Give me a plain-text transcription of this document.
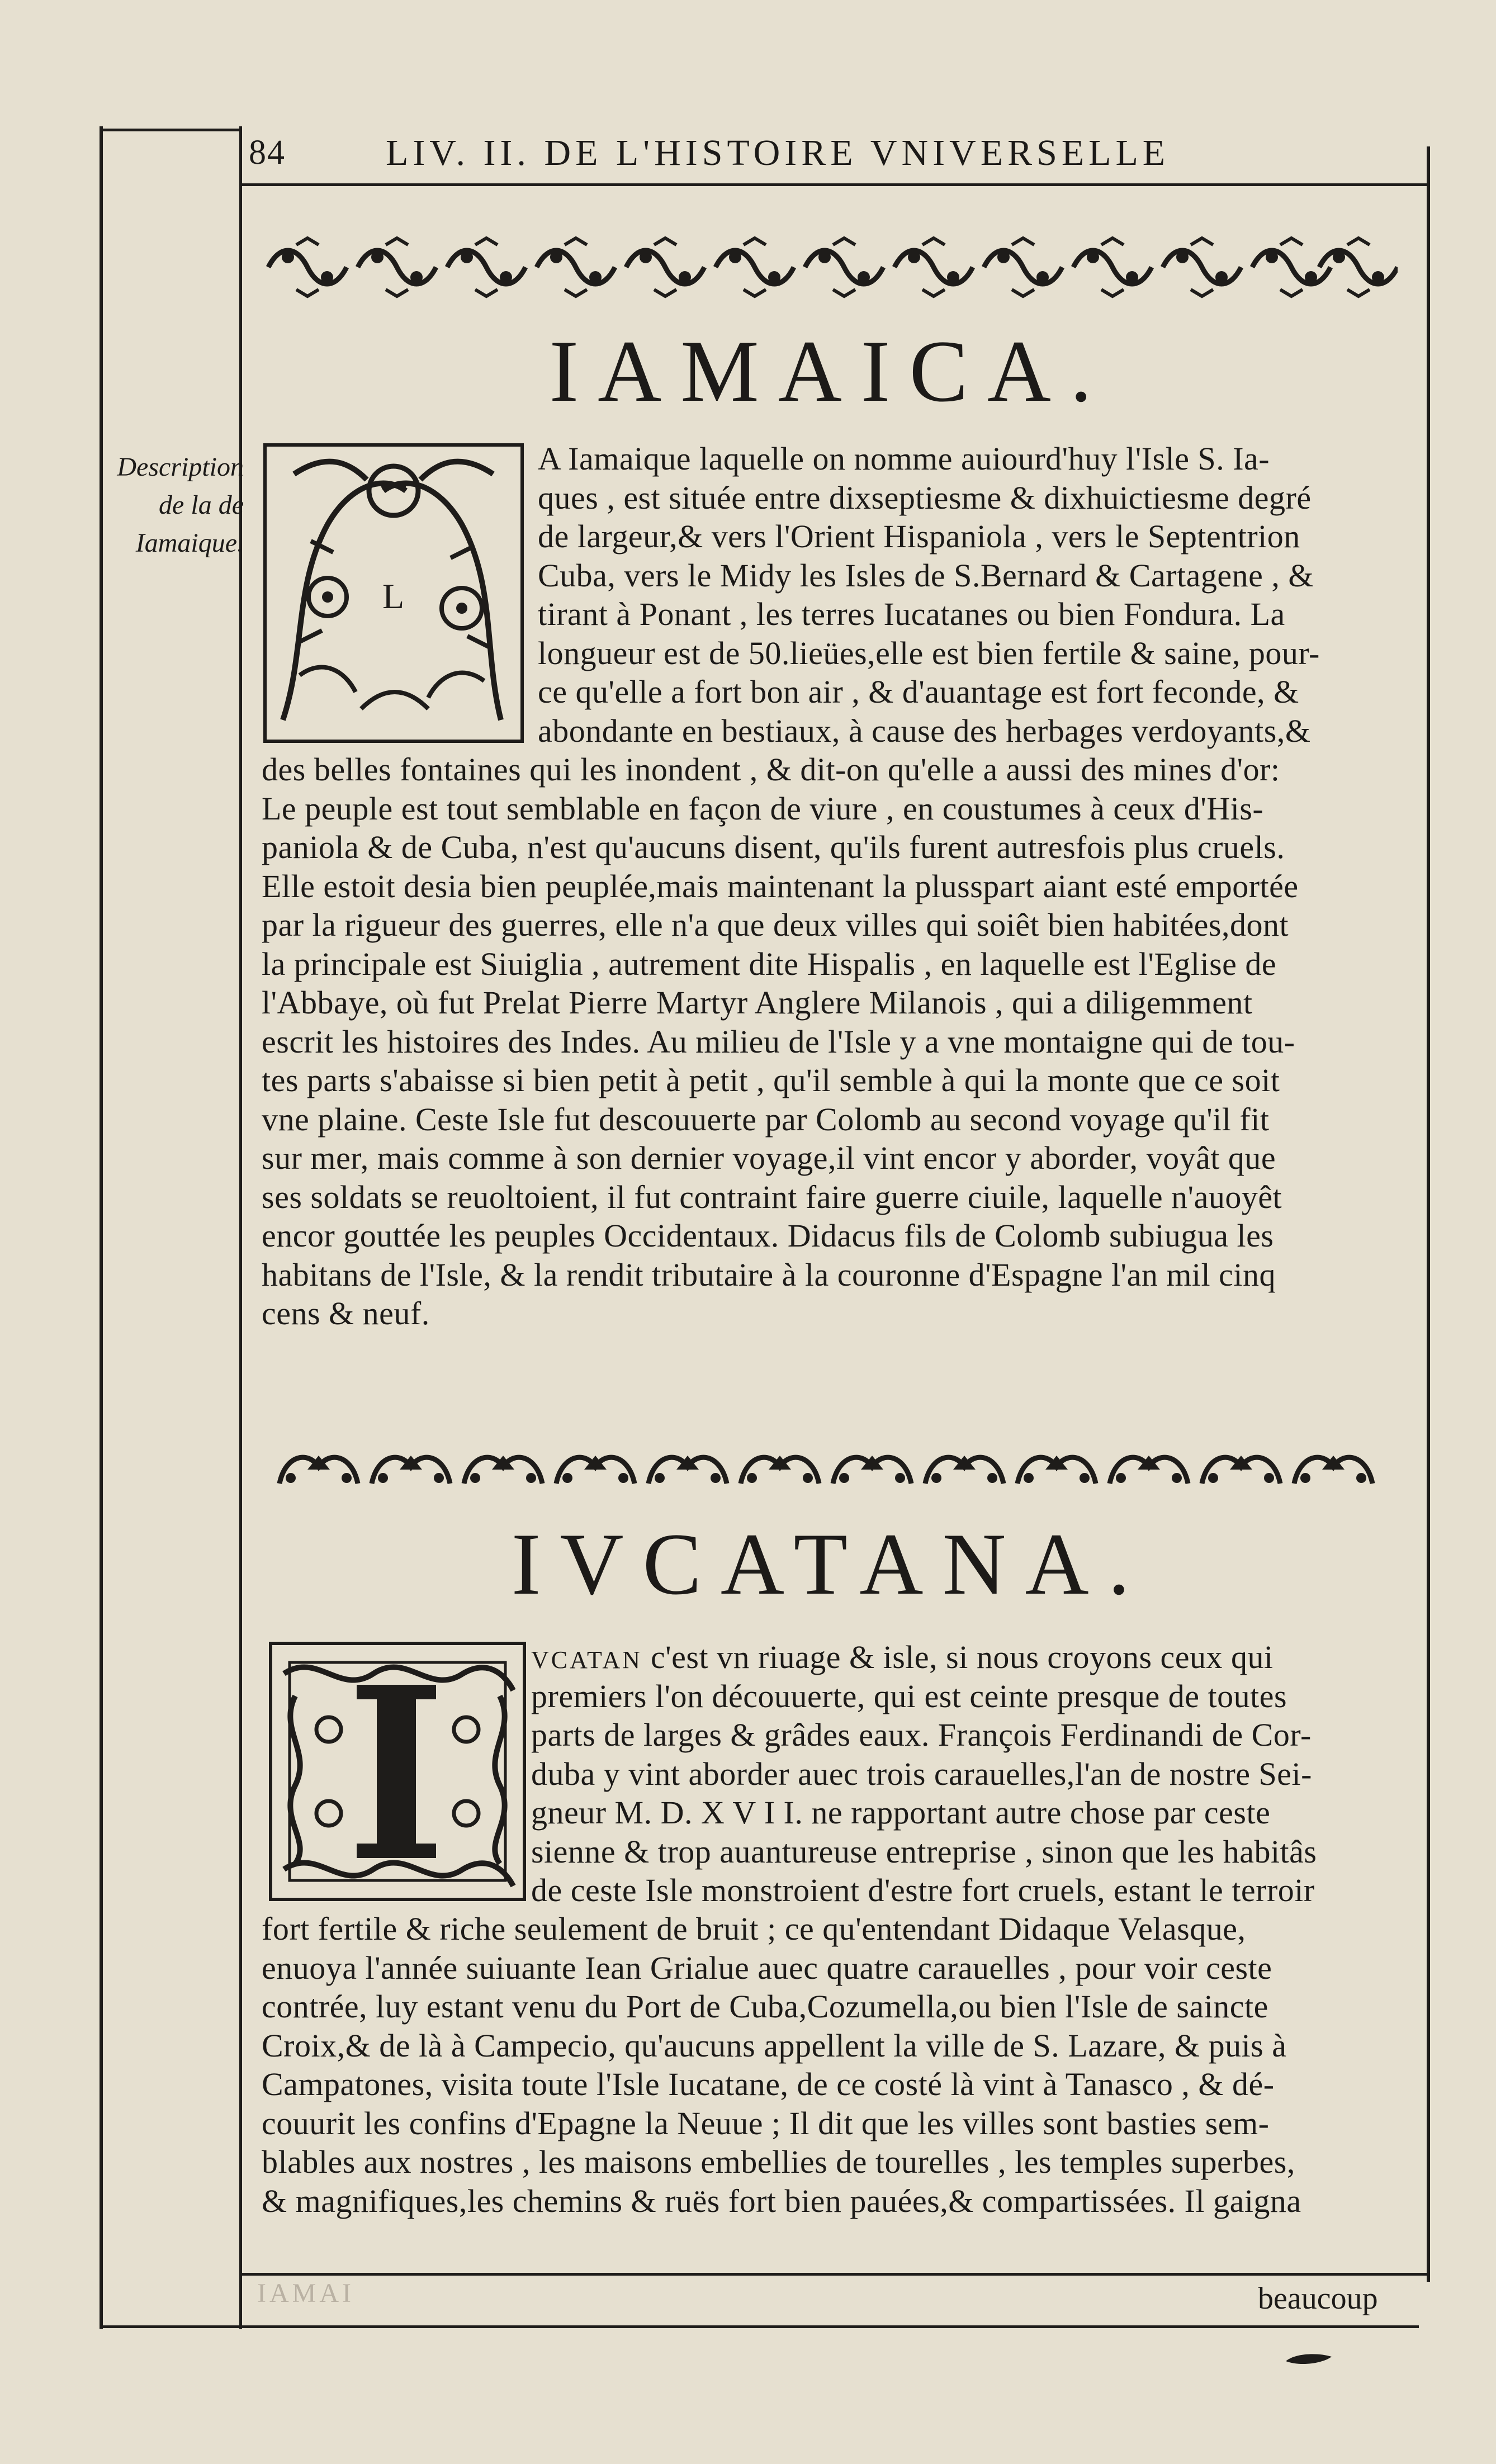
84	LIV. II. DE L'HISTOIRE VNIVERSELLE
IAMAICA.
Description
de la de
Iamaique.
L
A Iamaique laquelle on nomme auiourd'huy l'Isle S. Ia-
ques , est située entre dixseptiesme & dixhuictiesme degré
de largeur,& vers l'Orient Hispaniola , vers le Septentrion
Cuba, vers le Midy les Isles de S.Bernard & Cartagene , &
tirant à Ponant , les terres Iucatanes ou bien Fondura. La
longueur est de 50.lieües,elle est bien fertile & saine, pour-
ce qu'elle a fort bon air , & d'auantage est fort feconde, &
abondante en bestiaux, à cause des herbages verdoyants,&
des belles fontaines qui les inondent , & dit-on qu'elle a aussi des mines d'or:
Le peuple est tout semblable en façon de viure , en coustumes à ceux d'His-
paniola & de Cuba, n'est qu'aucuns disent, qu'ils furent autresfois plus cruels.
Elle estoit desia bien peuplée,mais maintenant la plusspart aiant esté emportée
par la rigueur des guerres, elle n'a que deux villes qui soiêt bien habitées,dont
la principale est Siuiglia , autrement dite Hispalis , en laquelle est l'Eglise de
l'Abbaye, où fut Prelat Pierre Martyr Anglere Milanois , qui a diligemment
escrit les histoires des Indes. Au milieu de l'Isle y a vne montaigne qui de tou-
tes parts s'abaisse si bien petit à petit , qu'il semble à qui la monte que ce soit
vne plaine. Ceste Isle fut descouuerte par Colomb au second voyage qu'il fit
sur mer, mais comme à son dernier voyage,il vint encor y aborder, voyât que
ses soldats se reuoltoient, il fut contraint faire guerre ciuile, laquelle n'auoyêt
encor gouttée les peuples Occidentaux. Didacus fils de Colomb subiugua les
habitans de l'Isle, & la rendit tributaire à la couronne d'Espagne l'an mil cinq
cens & neuf.
IVCATANA.
VCATAN c'est vn riuage & isle, si nous croyons ceux qui
premiers l'on découuerte, qui est ceinte presque de toutes
parts de larges & grâdes eaux. François Ferdinandi de Cor-
duba y vint aborder auec trois carauelles,l'an de nostre Sei-
gneur M. D. X V I I. ne rapportant autre chose par ceste
sienne & trop auantureuse entreprise , sinon que les habitâs
de ceste Isle monstroient d'estre fort cruels, estant le terroir
fort fertile & riche seulement de bruit ; ce qu'entendant Didaque Velasque,
enuoya l'année suiuante Iean Grialue auec quatre carauelles , pour voir ceste
contrée, luy estant venu du Port de Cuba,Cozumella,ou bien l'Isle de saincte
Croix,& de là à Campecio, qu'aucuns appellent la ville de S. Lazare, & puis à
Campatones, visita toute l'Isle Iucatane, de ce costé là vint à Tanasco , & dé-
couurit les confins d'Epagne la Neuue ; Il dit que les villes sont basties sem-
blables aux nostres , les maisons embellies de tourelles , les temples superbes,
& magnifiques,les chemins & ruës fort bien pauées,& compartissées. Il gaigna
IAMAI	beaucoup
